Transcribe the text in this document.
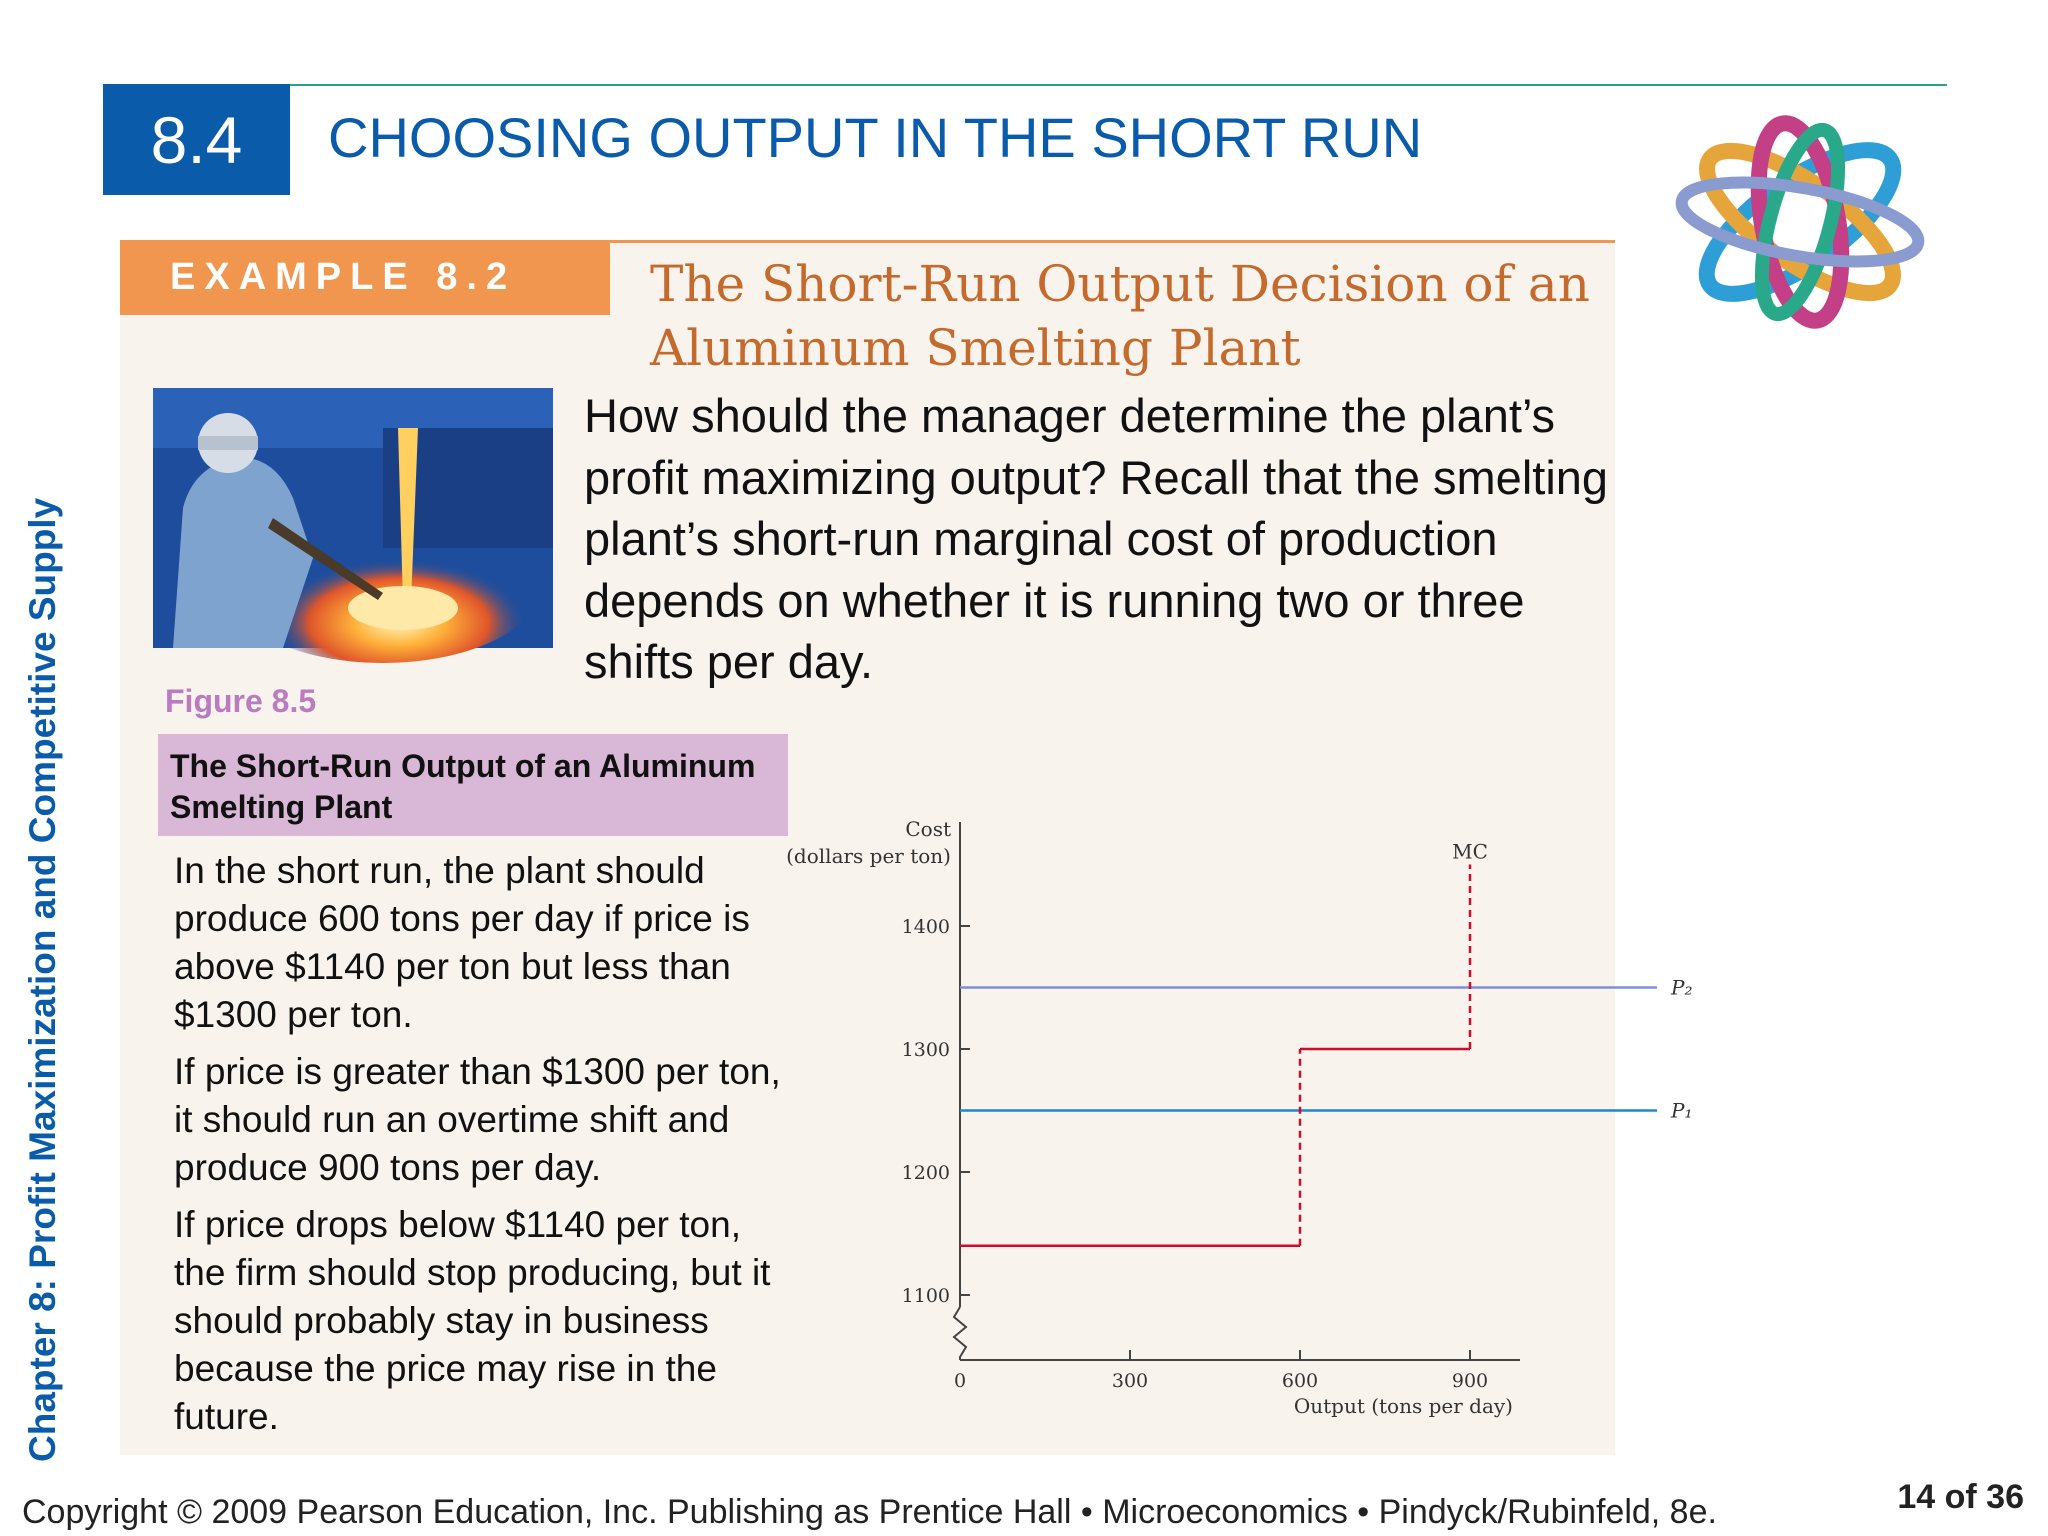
8.4	CHOOSING OUTPUT IN THE SHORT RUN
Chapter 8: Profit Maximization and Competitive Supply
EXAMPLE 8.2	The Short-Run Output Decision of an Aluminum Smelting Plant
How should the manager determine the plant’s profit maximizing output? Recall that the smelting plant’s short-run marginal cost of production depends on whether it is running two or three shifts per day.
Figure 8.5
The Short-Run Output of an Aluminum Smelting Plant

In the short run, the plant should produce 600 tons per day if price is above $1140 per ton but less than $1300 per ton.

If price is greater than $1300 per ton, it should run an overtime shift and produce 900 tons per day.

If price drops below $1140 per ton, the firm should stop producing, but it should probably stay in business because the price may rise in the future.

Cost
(dollars per ton)
Output (tons per day)
1100
1200
1300
1400
0	300	600	900
P₂
P₁
MC
Copyright © 2009 Pearson Education, Inc. Publishing as Prentice Hall • Microeconomics • Pindyck/Rubinfeld, 8e.	14 of 36
